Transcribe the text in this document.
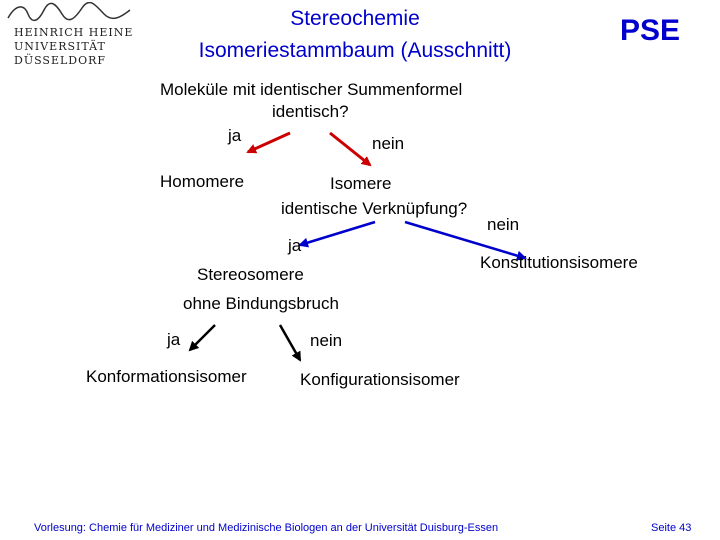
HEINRICH HEINE
UNIVERSITÄT
DÜSSELDORF
Stereochemie
Isomeriestammbaum (Ausschnitt)
PSE
Moleküle mit identischer Summenformel
identisch?
ja	nein
Homomere	Isomere
identische Verknüpfung?
nein
ja
Stereosomere
Konstitutionsisomere
ohne Bindungsbruch
ja	nein
Konformationsisomer	Konfigurationsisomer
Vorlesung: Chemie für Mediziner und Medizinische Biologen an der Universität Duisburg-Essen	Seite 43
